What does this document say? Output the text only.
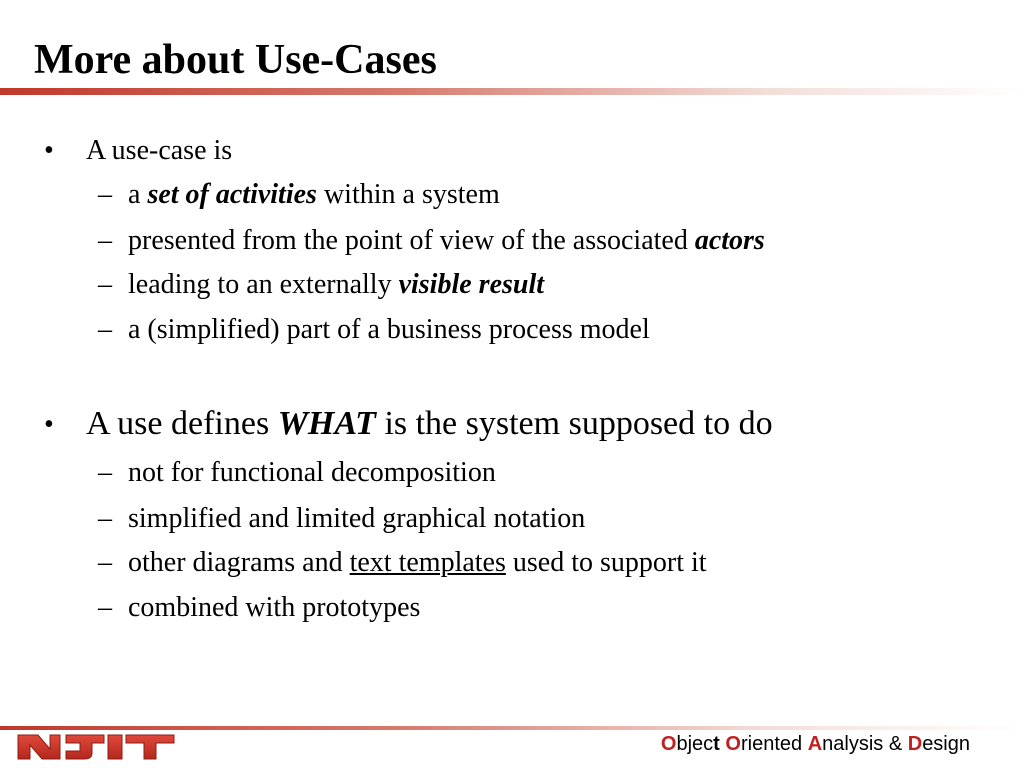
More about Use-Cases
• A use-case is
– a set of activities within a system
– presented from the point of view of the associated actors
– leading to an externally visible result
– a (simplified) part of a business process model
• A use defines WHAT is the system supposed to do
– not for functional decomposition
– simplified and limited graphical notation
– other diagrams and text templates used to support it
– combined with prototypes
Object Oriented Analysis & Design
